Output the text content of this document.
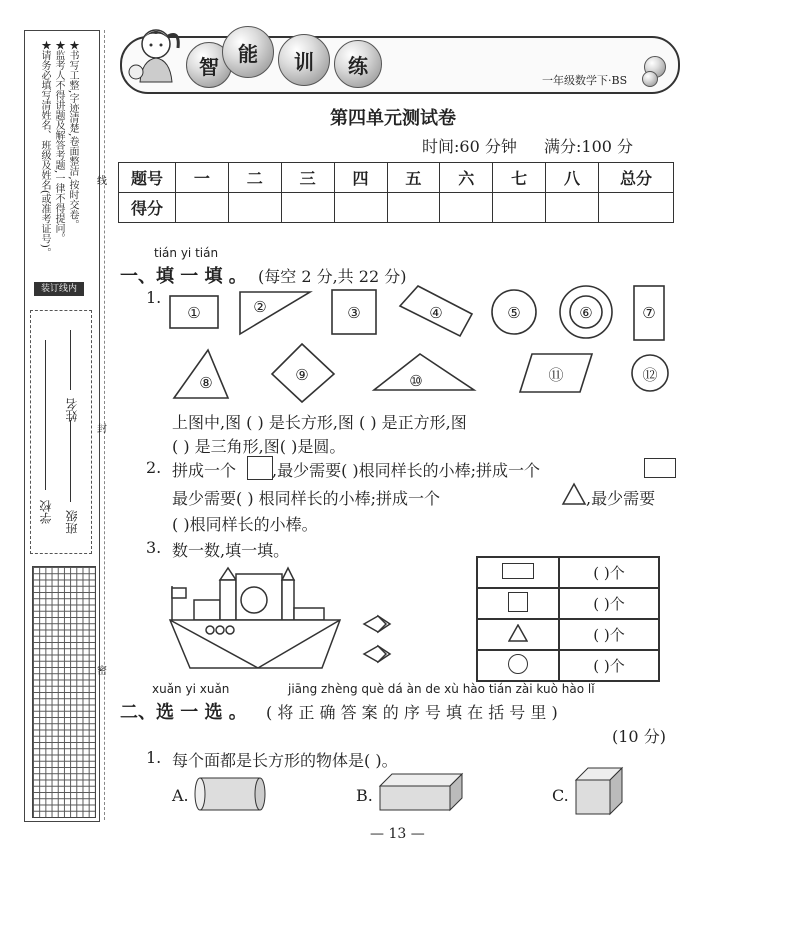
★请务必填写清姓名、班级及姓名(或准考证号)。 ★监考人不得讲题及解答考题,一律不得提问。 ★书写工整,字迹清楚,卷面整洁,按时交卷。
装订线内
学校
姓名
班级
线
封
密
智
能	训	练
一年级数学下·BS
第四单元测试卷
时间:60 分钟 满分:100 分
题号	一	二	三	四	五	六	七	八	总分
得分									
tián yi tián
一、填 一 填 。 (每空 2 分,共 22 分)
1.
①	②	③	④	⑤	⑥	⑦
⑧	⑨	⑩	⑪	⑫
上图中,图 ( ) 是长方形,图 ( ) 是正方形,图
( ) 是三角形,图( )是圆。
2. 拼成一个 ,最少需要( )根同样长的小棒;拼成一个
最少需要( ) 根同样长的小棒;拼成一个	,最少需要
( )根同样长的小棒。
3. 数一数,填一填。
	( )个
	( )个
	( )个
	( )个
xuǎn yi xuǎn	jiāng zhèng què dá àn de xù hào tián zài kuò hào lǐ
二、选 一 选 。 ( 将 正 确 答 案 的 序 号 填 在 括 号 里 )
(10 分)
1. 每个面都是长方形的物体是( )。
A.	B.	C.
— 13 —
